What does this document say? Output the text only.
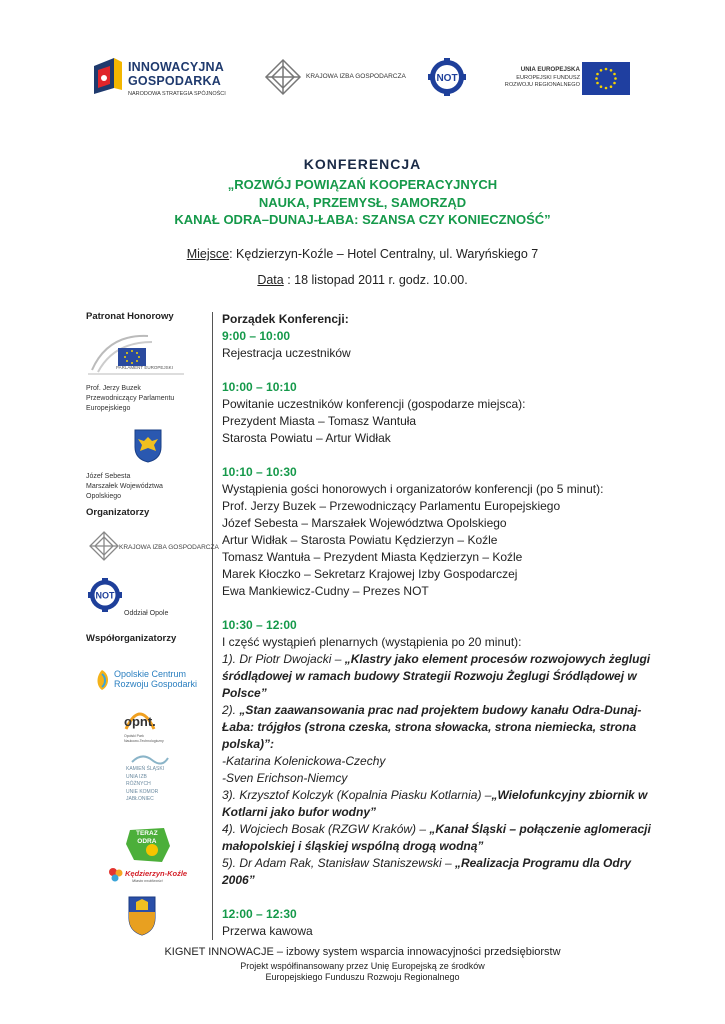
INNOWACYJNA
GOSPODARKA
NARODOWA STRATEGIA SPÓJNOŚCI
KRAJOWA IZBA GOSPODARCZA	NOT
UNIA EUROPEJSKA
EUROPEJSKI FUNDUSZ
ROZWOJU REGIONALNEGO
KONFERENCJA
„ROZWÓJ POWIĄZAŃ KOOPERACYJNYCH
NAUKA, PRZEMYSŁ, SAMORZĄD
KANAŁ ODRA–DUNAJ-ŁABA: SZANSA CZY KONIECZNOŚĆ”
Miejsce: Kędzierzyn-Koźle – Hotel Centralny, ul. Waryńskiego 7
Data : 18 listopad 2011 r. godz. 10.00.
Patronat Honorowy
PARLAMENT EUROPEJSKI
Prof. Jerzy Buzek
Przewodniczący Parlamentu
Europejskiego
Józef Sebesta
Marszałek Województwa
Opolskiego
Organizatorzy
KRAJOWA IZBA GOSPODARCZA
NOT
Oddział Opole
Współorganizatorzy
Opolskie Centrum
Rozwoju Gospodarki
opnt.
Opolski Park
Naukowo-Technologiczny
KAMIEŃ ŚLĄSKI
UNIA IZB
RÓŻNYCH
UNIE KOMOR
JABŁONIEC
TERAZ
ODRA
Kędzierzyn-Koźle
Miasto możliwości
Porządek Konferencji:
9:00 – 10:00
Rejestracja uczestników
10:00 – 10:10
Powitanie uczestników konferencji (gospodarze miejsca):
Prezydent Miasta – Tomasz Wantuła
Starosta Powiatu – Artur Widłak
10:10 – 10:30
Wystąpienia gości honorowych i organizatorów konferencji (po 5 minut):
Prof. Jerzy Buzek – Przewodniczący Parlamentu Europejskiego
Józef Sebesta – Marszałek Województwa Opolskiego
Artur Widłak – Starosta Powiatu Kędzierzyn – Koźle
Tomasz Wantuła – Prezydent Miasta Kędzierzyn – Koźle
Marek Kłoczko – Sekretarz Krajowej Izby Gospodarczej
Ewa Mankiewicz-Cudny – Prezes NOT
10:30 – 12:00
I część wystąpień plenarnych (wystąpienia po 20 minut):
1). Dr Piotr Dwojacki – „Klastry jako element procesów rozwojowych żeglugi śródlądowej w ramach budowy Strategii Rozwoju Żeglugi Śródlądowej w Polsce”
2). „Stan zaawansowania prac nad projektem budowy kanału Odra-Dunaj-Łaba: trójgłos (strona czeska, strona słowacka, strona niemiecka, strona polska)”:
-Katarina Kolenickowa-Czechy
-Sven Erichson-Niemcy
3). Krzysztof Kolczyk (Kopalnia Piasku Kotlarnia) –„Wielofunkcyjny zbiornik w Kotlarni jako bufor wodny”
4). Wojciech Bosak (RZGW Kraków) – „Kanał Śląski – połączenie aglomeracji małopolskiej i śląskiej wspólną drogą wodną”
5). Dr Adam Rak, Stanisław Staniszewski – „Realizacja Programu dla Odry 2006”
12:00 – 12:30
Przerwa kawowa
KIGNET INNOWACJE – izbowy system wsparcia innowacyjności przedsiębiorstw
Projekt współfinansowany przez Unię Europejską ze środków
Europejskiego Funduszu Rozwoju Regionalnego
